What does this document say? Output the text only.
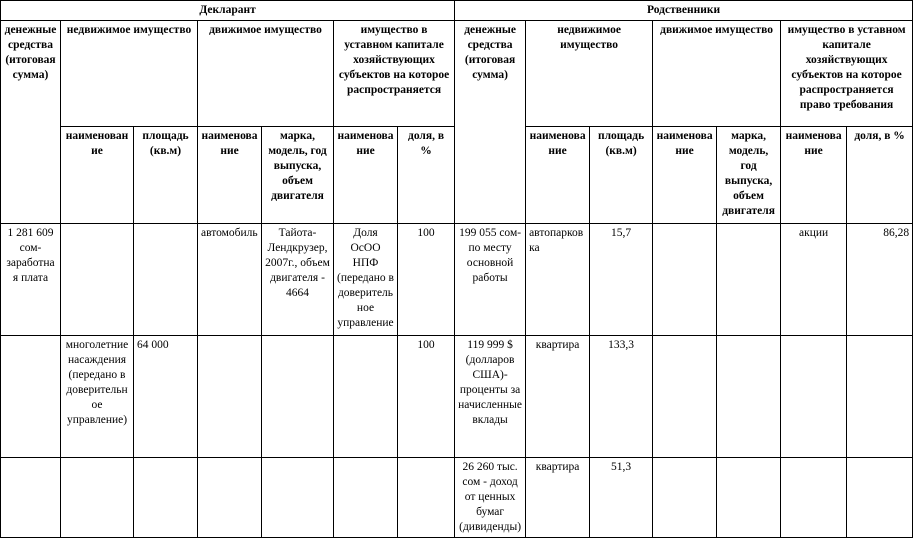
Декларант							Родственники						
денежные средства (итоговая сумма)	недвижимое имущество		движимое имущество		имущество в уставном капитале хозяйствующих субъектов на которое распространяется		денежные средства (итоговая сумма)	недвижимое имущество		движимое имущество		имущество в уставном капитале хозяйствующих субъектов на которое распространяется право требования	
	наименование	площадь (кв.м)	наименование	марка, модель, год выпуска, объем двигателя	наименование	доля, в %		наименование	площадь (кв.м)	наименование	марка, модель, год выпуска, объем двигателя	наименование	доля, в %
1 281 609 сом-заработная плата			автомобиль	Тайота-Лендкрузер, 2007г., объем двигателя - 4664	Доля ОсОО НПФ (передано в доверительное управление	100	199 055 сом-по месту основной работы	автопарковка	15,7			акции	86,28
	многолетние насаждения (передано в доверительное управление)	64 000				100	119 999 $ (долларов США)- проценты за начисленные вклады	квартира	133,3				
							26 260 тыс. сом - доход от ценных бумаг (дивиденды)	квартира	51,3				
